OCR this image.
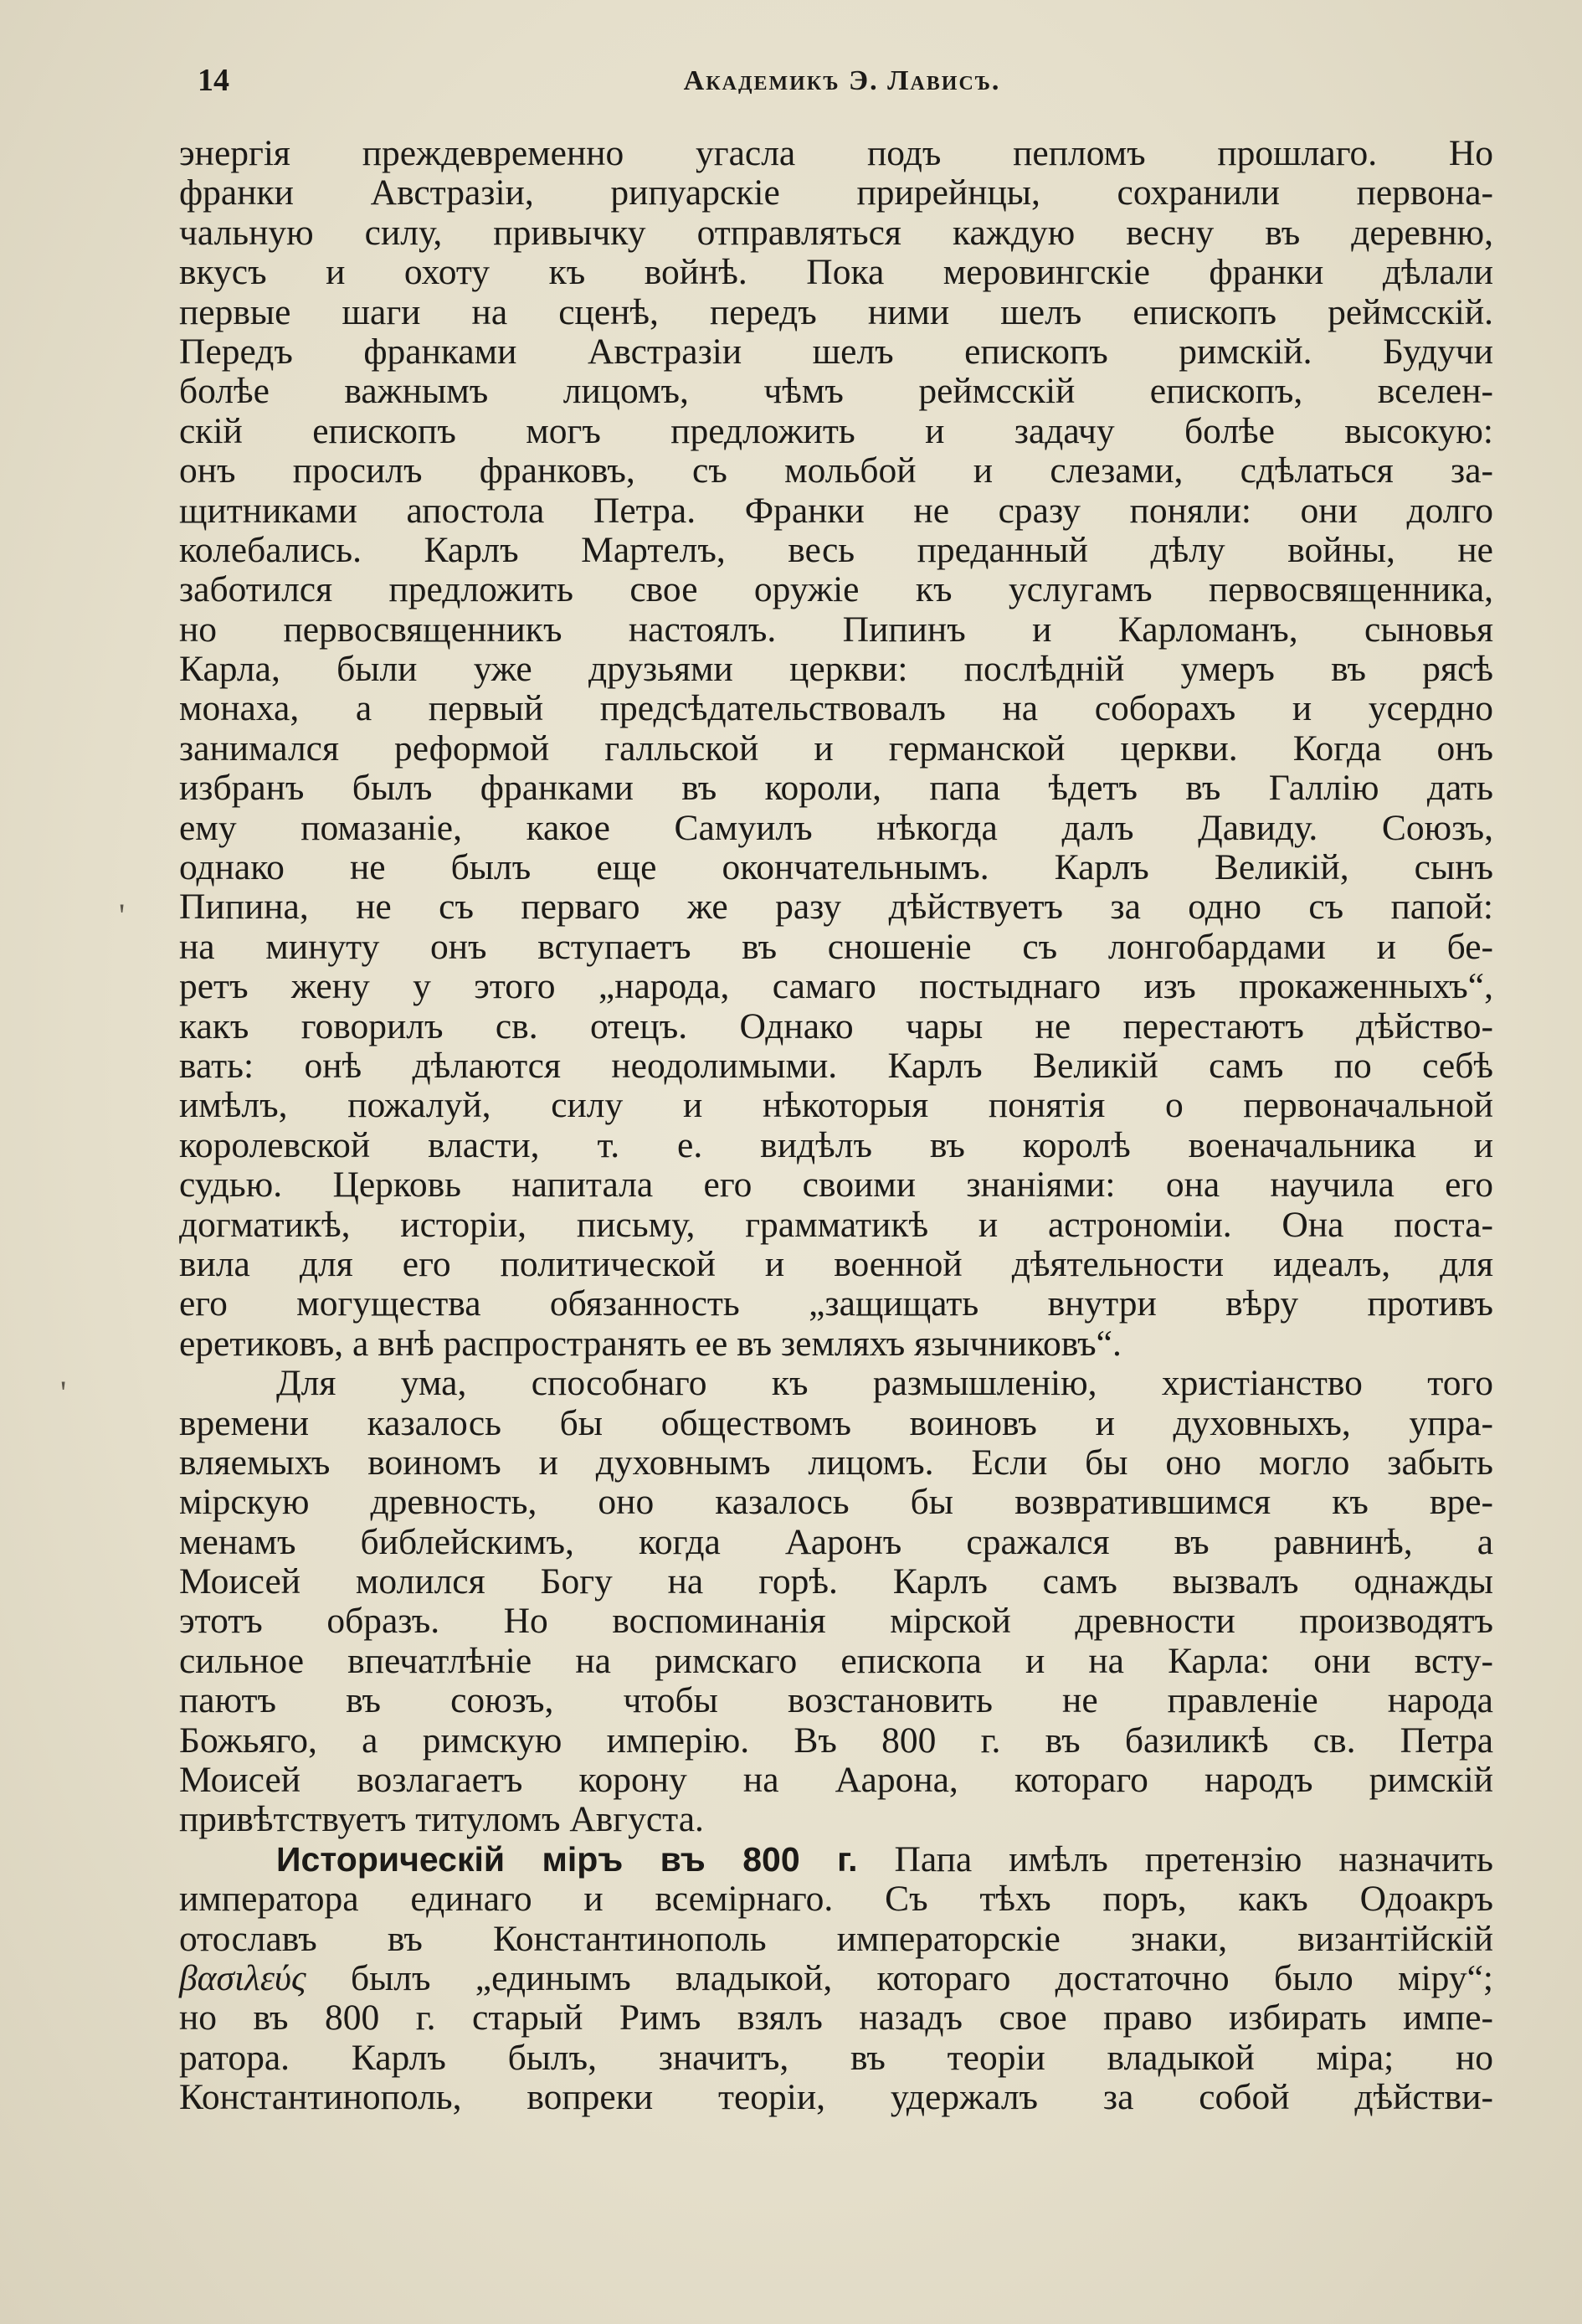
14	Академикъ Э. Лависъ.
'
'
энергія преждевременно угасла подъ пепломъ прошлаго. Но
франки Австразіи, рипуарскіе прирейнцы, сохранили первона-
чальную силу, привычку отправляться каждую весну въ деревню,
вкусъ и охоту къ войнѣ. Пока меровингскіе франки дѣлали
первые шаги на сценѣ, передъ ними шелъ епископъ реймсскій.
Передъ франками Австразіи шелъ епископъ римскій. Будучи
болѣе важнымъ лицомъ, чѣмъ реймсскій епископъ, вселен-
скій епископъ могъ предложить и задачу болѣе высокую:
онъ просилъ франковъ, съ мольбой и слезами, сдѣлаться за-
щитниками апостола Петра. Франки не сразу поняли: они долго
колебались. Карлъ Мартелъ, весь преданный дѣлу войны, не
заботился предложить свое оружіе къ услугамъ первосвященника,
но первосвященникъ настоялъ. Пипинъ и Карломанъ, сыновья
Карла, были уже друзьями церкви: послѣдній умеръ въ рясѣ
монаха, а первый предсѣдательствовалъ на соборахъ и усердно
занимался реформой галльской и германской церкви. Когда онъ
избранъ былъ франками въ короли, папа ѣдетъ въ Галлію дать
ему помазаніе, какое Самуилъ нѣкогда далъ Давиду. Союзъ,
однако не былъ еще окончательнымъ. Карлъ Великій, сынъ
Пипина, не съ перваго же разу дѣйствуетъ за одно съ папой:
на минуту онъ вступаетъ въ сношеніе съ лонгобардами и бе-
ретъ жену у этого „народа, самаго постыднаго изъ прокаженныхъ“,
какъ говорилъ св. отецъ. Однако чары не перестаютъ дѣйство-
вать: онѣ дѣлаются неодолимыми. Карлъ Великій самъ по себѣ
имѣлъ, пожалуй, силу и нѣкоторыя понятія о первоначальной
королевской власти, т. е. видѣлъ въ королѣ военачальника и
судью. Церковь напитала его своими знаніями: она научила его
догматикѣ, исторіи, письму, грамматикѣ и астрономіи. Она поста-
вила для его политической и военной дѣятельности идеалъ, для
его могущества обязанность „защищать внутри вѣру противъ
еретиковъ, а внѣ распространять ее въ земляхъ язычниковъ“.
Для ума, способнаго къ размышленію, христіанство того
времени казалось бы обществомъ воиновъ и духовныхъ, упра-
вляемыхъ воиномъ и духовнымъ лицомъ. Если бы оно могло забыть
мірскую древность, оно казалось бы возвратившимся къ вре-
менамъ библейскимъ, когда Ааронъ сражался въ равнинѣ, а
Моисей молился Богу на горѣ. Карлъ самъ вызвалъ однажды
этотъ образъ. Но воспоминанія мірской древности производятъ
сильное впечатлѣніе на римскаго епископа и на Карла: они всту-
паютъ въ союзъ, чтобы возстановить не правленіе народа
Божьяго, а римскую имперію. Въ 800 г. въ базиликѣ св. Петра
Моисей возлагаетъ корону на Аарона, котораго народъ римскій
привѣтствуетъ титуломъ Августа.
Историческій міръ въ 800 г. Папа имѣлъ претензію назначить
императора единаго и всемірнаго. Съ тѣхъ поръ, какъ Одоакръ
отославъ въ Константинополь императорскіе знаки, византійскій
βασιλεύς былъ „единымъ владыкой, котораго достаточно было міру“;
но въ 800 г. старый Римъ взялъ назадъ свое право избирать импе-
ратора. Карлъ былъ, значитъ, въ теоріи владыкой міра; но
Константинополь, вопреки теоріи, удержалъ за собой дѣйстви-
